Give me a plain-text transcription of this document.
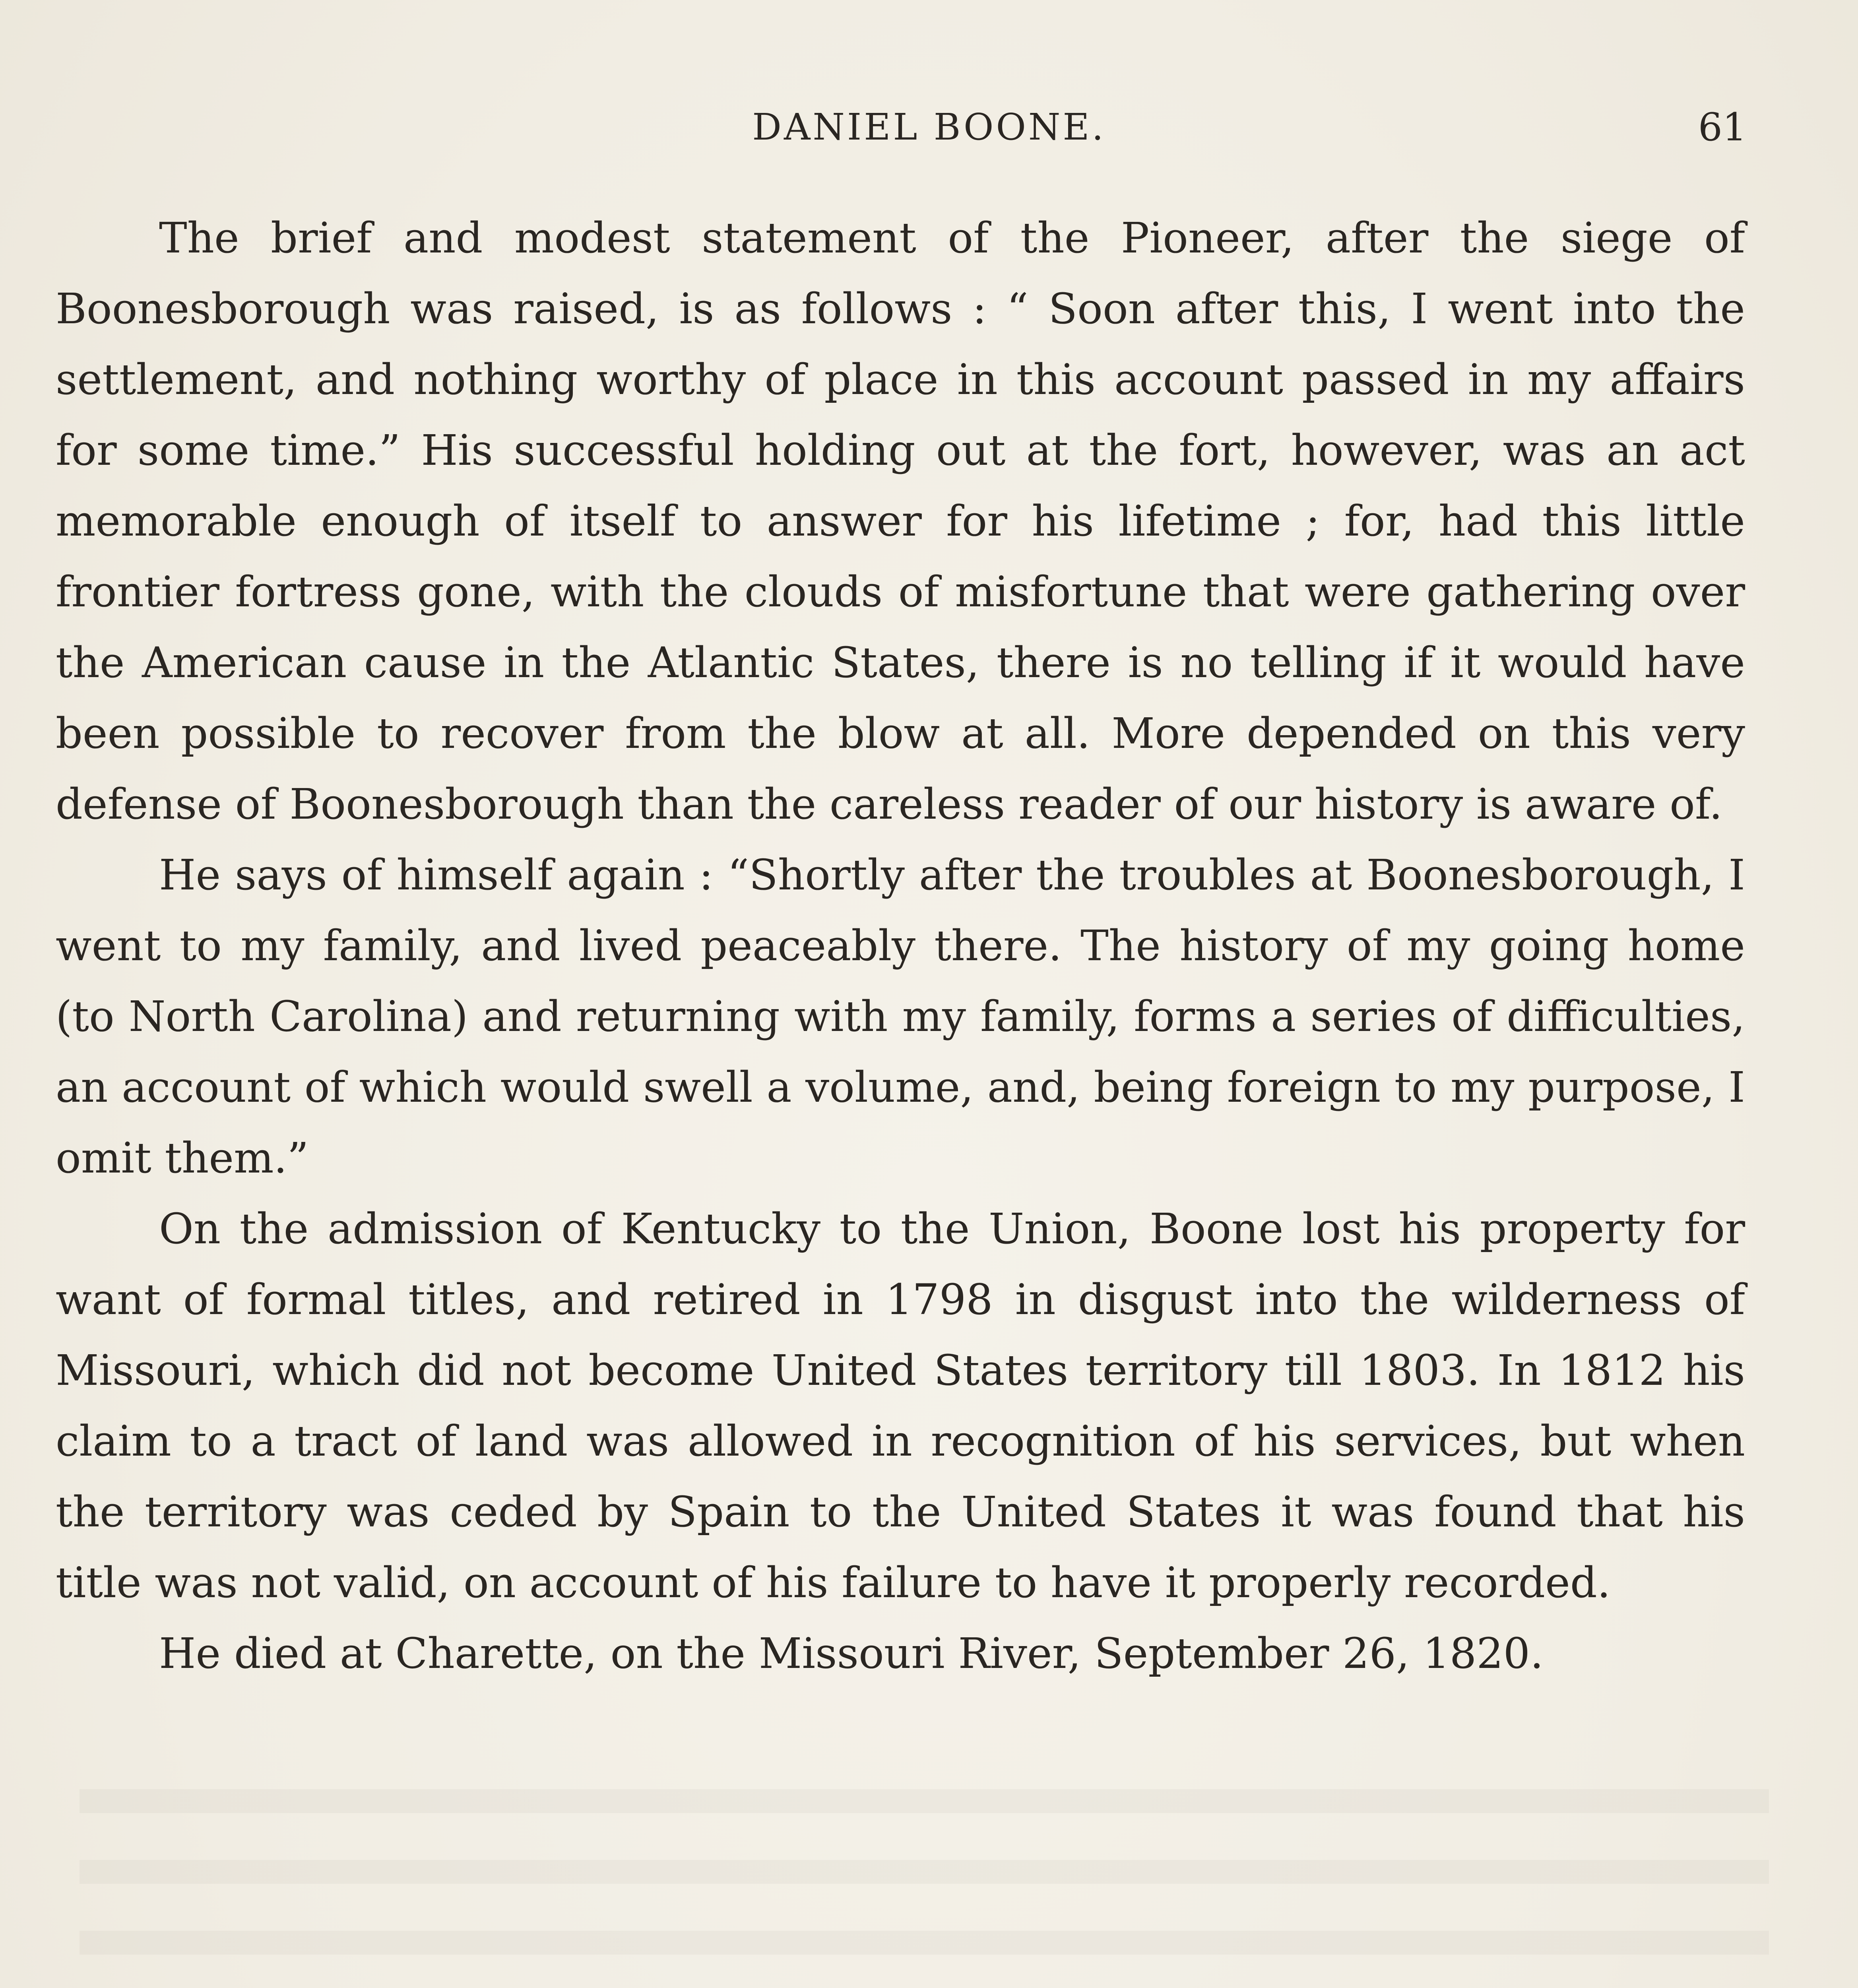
DANIEL BOONE.	61

The brief and modest statement of the Pioneer, after the siege of Boonesborough was raised, is as follows : “ Soon after this, I went into the settlement, and nothing worthy of place in this account passed in my affairs for some time.” His successful holding out at the fort, however, was an act memorable enough of itself to answer for his lifetime ; for, had this little frontier fortress gone, with the clouds of misfortune that were gathering over the American cause in the Atlantic States, there is no telling if it would have been possible to recover from the blow at all. More depended on this very defense of Boonesborough than the careless reader of our history is aware of.

He says of himself again : “Shortly after the troubles at Boonesborough, I went to my family, and lived peaceably there. The history of my going home (to North Carolina) and returning with my family, forms a series of difficulties, an account of which would swell a volume, and, being foreign to my purpose, I omit them.”

On the admission of Kentucky to the Union, Boone lost his property for want of formal titles, and retired in 1798 in disgust into the wilderness of Missouri, which did not become United States territory till 1803. In 1812 his claim to a tract of land was allowed in recognition of his services, but when the territory was ceded by Spain to the United States it was found that his title was not valid, on account of his failure to have it properly recorded.

He died at Charette, on the Missouri River, September 26, 1820.
